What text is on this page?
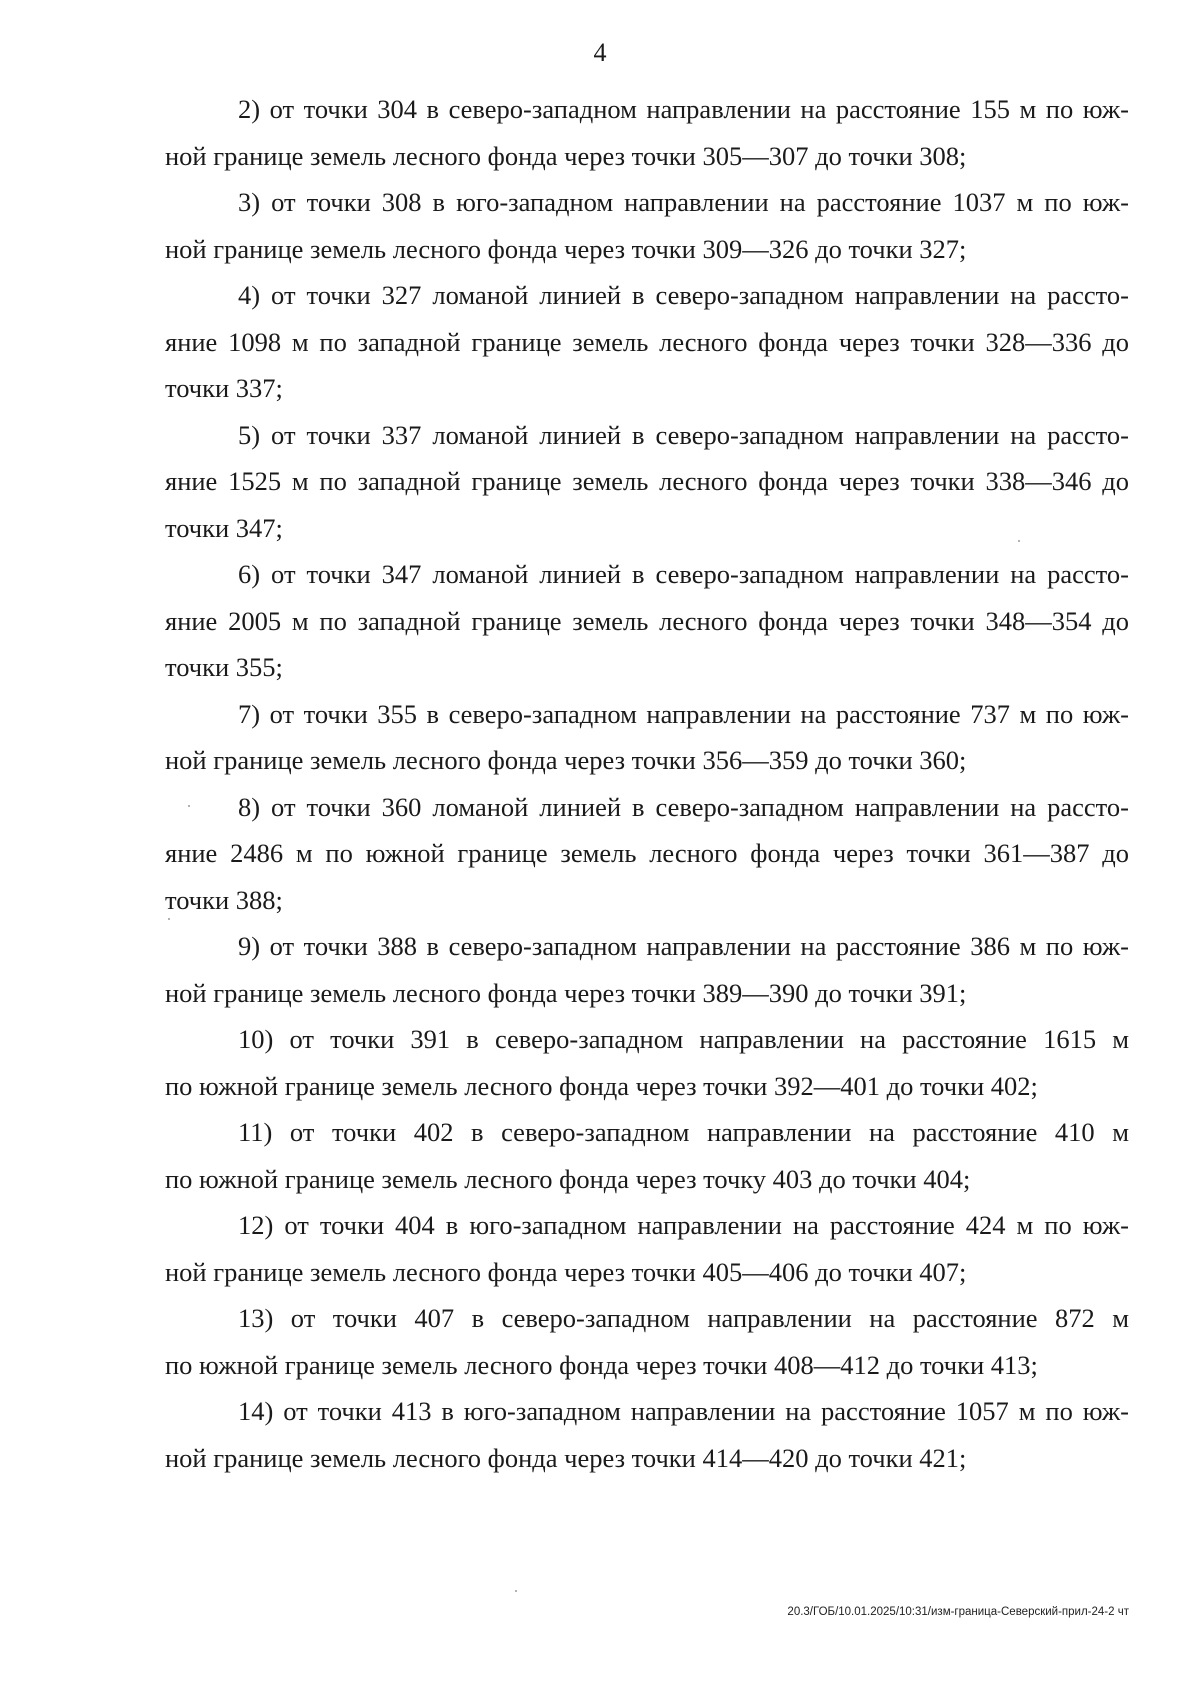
4
2) от точки 304 в северо-западном направлении на расстояние 155 м по юж-
ной границе земель лесного фонда через точки 305—307 до точки 308;
3) от точки 308 в юго-западном направлении на расстояние 1037 м по юж-
ной границе земель лесного фонда через точки 309—326 до точки 327;
4) от точки 327 ломаной линией в северо-западном направлении на рассто-
яние 1098 м по западной границе земель лесного фонда через точки 328—336 до
точки 337;
5) от точки 337 ломаной линией в северо-западном направлении на рассто-
яние 1525 м по западной границе земель лесного фонда через точки 338—346 до
точки 347;
6) от точки 347 ломаной линией в северо-западном направлении на рассто-
яние 2005 м по западной границе земель лесного фонда через точки 348—354 до
точки 355;
7) от точки 355 в северо-западном направлении на расстояние 737 м по юж-
ной границе земель лесного фонда через точки 356—359 до точки 360;
8) от точки 360 ломаной линией в северо-западном направлении на рассто-
яние 2486 м по южной границе земель лесного фонда через точки 361—387 до
точки 388;
9) от точки 388 в северо-западном направлении на расстояние 386 м по юж-
ной границе земель лесного фонда через точки 389—390 до точки 391;
10) от точки 391 в северо-западном направлении на расстояние 1615 м
по южной границе земель лесного фонда через точки 392—401 до точки 402;
11) от точки 402 в северо-западном направлении на расстояние 410 м
по южной границе земель лесного фонда через точку 403 до точки 404;
12) от точки 404 в юго-западном направлении на расстояние 424 м по юж-
ной границе земель лесного фонда через точки 405—406 до точки 407;
13) от точки 407 в северо-западном направлении на расстояние 872 м
по южной границе земель лесного фонда через точки 408—412 до точки 413;
14) от точки 413 в юго-западном направлении на расстояние 1057 м по юж-
ной границе земель лесного фонда через точки 414—420 до точки 421;
20.3/ГОБ/10.01.2025/10:31/изм-граница-Северский-прил-24-2 чт
